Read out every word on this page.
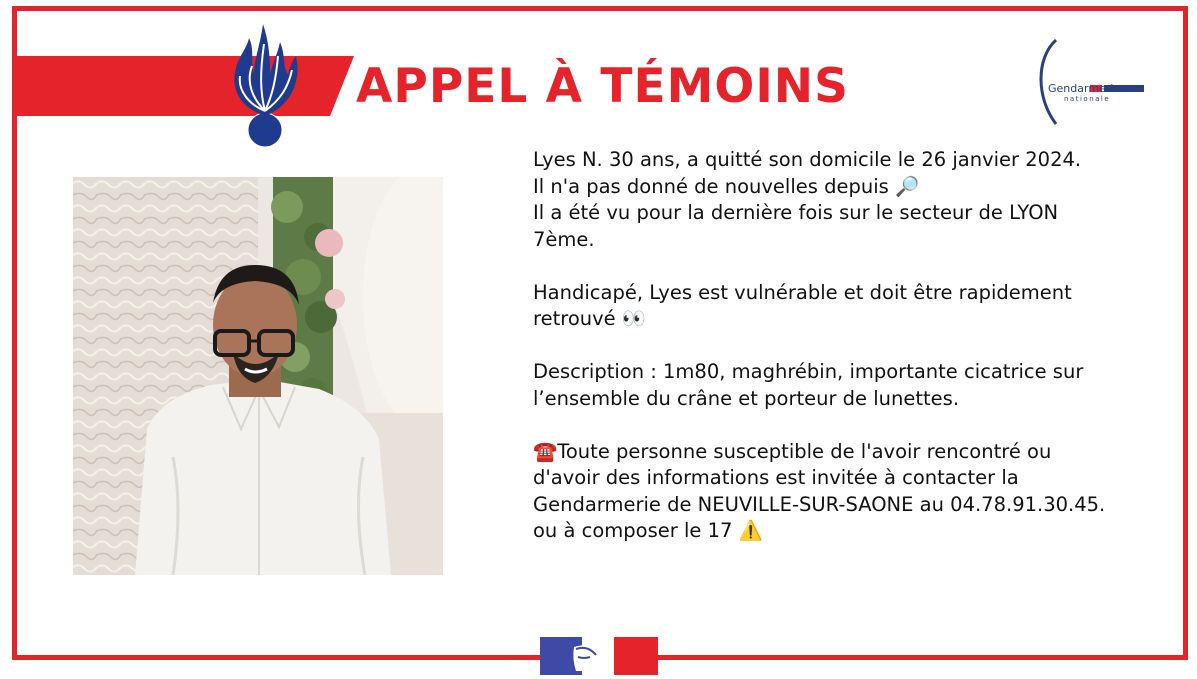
APPEL À TÉMOINS	Gendarmerie
nationale

Lyes N. 30 ans, a quitté son domicile le 26 janvier 2024.
Il n'a pas donné de nouvelles depuis 🔎
Il a été vu pour la dernière fois sur le secteur de LYON 7ème.

Handicapé, Lyes est vulnérable et doit être rapidement retrouvé 👀

Description : 1m80, maghrébin, importante cicatrice sur l’ensemble du crâne et porteur de lunettes.

☎️Toute personne susceptible de l'avoir rencontré ou d'avoir des informations est invitée à contacter la Gendarmerie de NEUVILLE-SUR-SAONE au 04.78.91.30.45. ou à composer le 17 ⚠️
